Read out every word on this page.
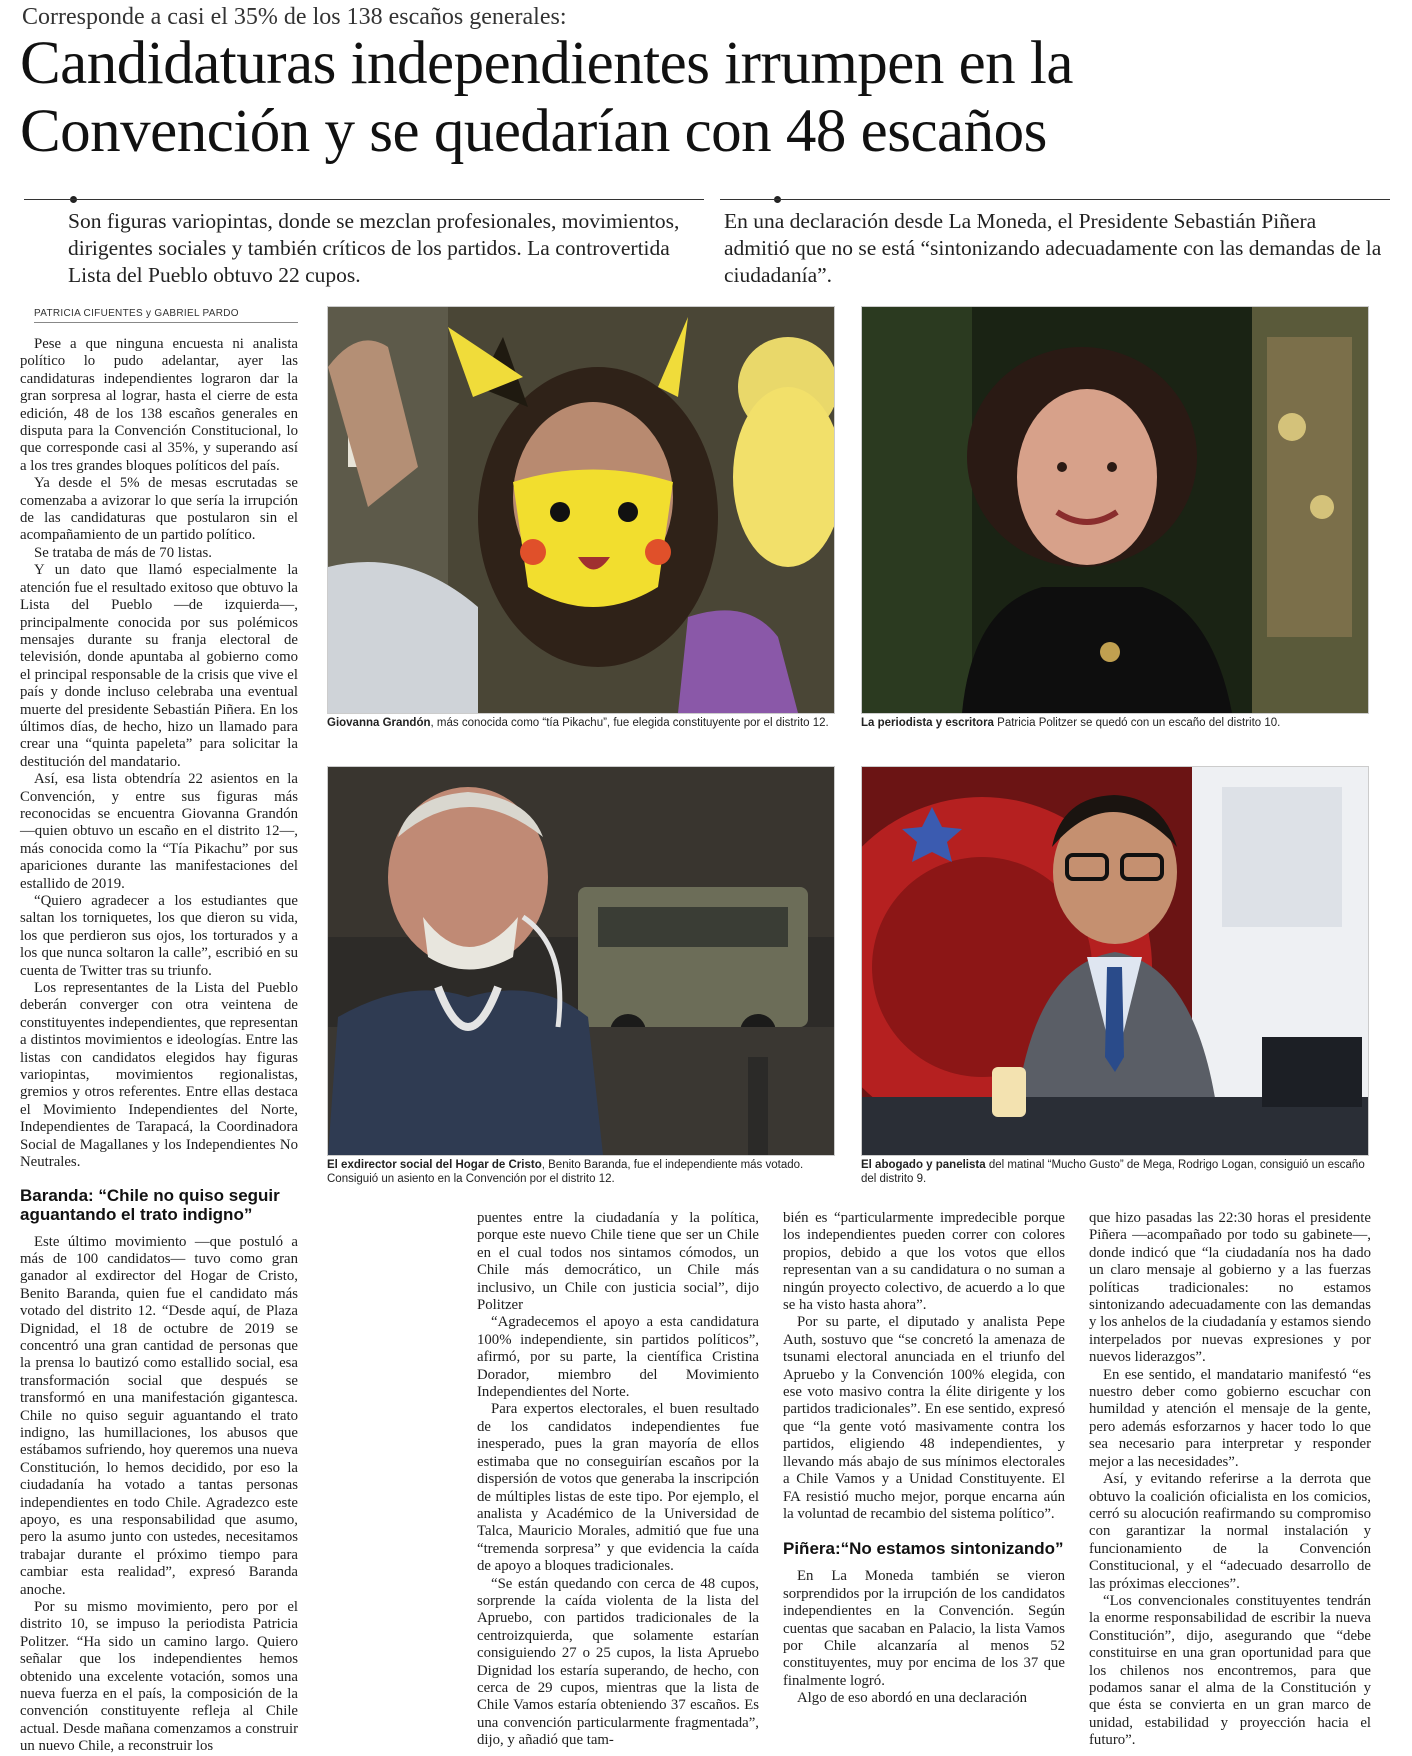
Corresponde a casi el 35% de los 138 escaños generales:
Candidaturas independientes irrumpen en la
Convención y se quedarían con 48 escaños
Son figuras variopintas, donde se mezclan profesionales, movimientos, dirigentes sociales y también críticos de los partidos. La controvertida Lista del Pueblo obtuvo 22 cupos.
En una declaración desde La Moneda, el Presidente Sebastián Piñera admitió que no se está “sintonizando adecuadamente con las demandas de la ciudadanía”.
PATRICIA CIFUENTES y GABRIEL PARDO

Pese a que ninguna encuesta ni analista político lo pudo adelantar, ayer las candidaturas independientes lograron dar la gran sorpresa al lograr, hasta el cierre de esta edición, 48 de los 138 escaños generales en disputa para la Convención Constitucional, lo que corresponde casi al 35%, y superando así a los tres grandes bloques políticos del país.

Ya desde el 5% de mesas escrutadas se comenzaba a avizorar lo que sería la irrupción de las candidaturas que postularon sin el acompañamiento de un partido político.

Se trataba de más de 70 listas.

Y un dato que llamó especialmente la atención fue el resultado exitoso que obtuvo la Lista del Pueblo —de izquierda—, principalmente conocida por sus polémicos mensajes durante su franja electoral de televisión, donde apuntaba al gobierno como el principal responsable de la crisis que vive el país y donde incluso celebraba una eventual muerte del presidente Sebastián Piñera. En los últimos días, de hecho, hizo un llamado para crear una “quinta papeleta” para solicitar la destitución del mandatario.

Así, esa lista obtendría 22 asientos en la Convención, y entre sus figuras más reconocidas se encuentra Giovanna Grandón —quien obtuvo un escaño en el distrito 12—, más conocida como la “Tía Pikachu” por sus apariciones durante las manifestaciones del estallido de 2019.

“Quiero agradecer a los estudiantes que saltan los torniquetes, los que dieron su vida, los que perdieron sus ojos, los torturados y a los que nunca soltaron la calle”, escribió en su cuenta de Twitter tras su triunfo.

Los representantes de la Lista del Pueblo deberán converger con otra veintena de constituyentes independientes, que representan a distintos movimientos e ideologías. Entre las listas con candidatos elegidos hay figuras variopintas, movimientos regionalistas, gremios y otros referentes. Entre ellas destaca el Movimiento Independientes del Norte, Independientes de Tarapacá, la Coordinadora Social de Magallanes y los Independientes No Neutrales.

Baranda: “Chile no quiso seguir aguantando el trato indigno”

Este último movimiento —que postuló a más de 100 candidatos— tuvo como gran ganador al exdirector del Hogar de Cristo, Benito Baranda, quien fue el candidato más votado del distrito 12. “Desde aquí, de Plaza Dignidad, el 18 de octubre de 2019 se concentró una gran cantidad de personas que la prensa lo bautizó como estallido social, esa transformación social que después se transformó en una manifestación gigantesca. Chile no quiso seguir aguantando el trato indigno, las humillaciones, los abusos que estábamos sufriendo, hoy queremos una nueva Constitución, lo hemos decidido, por eso la ciudadanía ha votado a tantas personas independientes en todo Chile. Agradezco este apoyo, es una responsabilidad que asumo, pero la asumo junto con ustedes, necesitamos trabajar durante el próximo tiempo para cambiar esta realidad”, expresó Baranda anoche.

Por su mismo movimiento, pero por el distrito 10, se impuso la periodista Patricia Politzer. “Ha sido un camino largo. Quiero señalar que los independientes hemos obtenido una excelente votación, somos una nueva fuerza en el país, la composición de la convención constituyente refleja al Chile actual. Desde mañana comenzamos a construir un nuevo Chile, a reconstruir los

Giovanna Grandón, más conocida como “tía Pikachu”, fue elegida constituyente por el distrito 12.	La periodista y escritora Patricia Politzer se quedó con un escaño del distrito 10.
El exdirector social del Hogar de Cristo, Benito Baranda, fue el independiente más votado. Consiguió un asiento en la Convención por el distrito 12.
El abogado y panelista del matinal “Mucho Gusto” de Mega, Rodrigo Logan, consiguió un escaño del distrito 9.

puentes entre la ciudadanía y la política, porque este nuevo Chile tiene que ser un Chile en el cual todos nos sintamos cómodos, un Chile más democrático, un Chile más inclusivo, un Chile con justicia social”, dijo Politzer

“Agradecemos el apoyo a esta candidatura 100% independiente, sin partidos políticos”, afirmó, por su parte, la científica Cristina Dorador, miembro del Movimiento Independientes del Norte.

Para expertos electorales, el buen resultado de los candidatos independientes fue inesperado, pues la gran mayoría de ellos estimaba que no conseguirían escaños por la dispersión de votos que generaba la inscripción de múltiples listas de este tipo. Por ejemplo, el analista y Académico de la Universidad de Talca, Mauricio Morales, admitió que fue una “tremenda sorpresa” y que evidencia la caída de apoyo a bloques tradicionales.

“Se están quedando con cerca de 48 cupos, sorprende la caída violenta de la lista del Apruebo, con partidos tradicionales de la centroizquierda, que solamente estarían consiguiendo 27 o 25 cupos, la lista Apruebo Dignidad los estaría superando, de hecho, con cerca de 29 cupos, mientras que la lista de Chile Vamos estaría obteniendo 37 escaños. Es una convención particularmente fragmentada”, dijo, y añadió que tam-

bién es “particularmente impredecible porque los independientes pueden correr con colores propios, debido a que los votos que ellos representan van a su candidatura o no suman a ningún proyecto colectivo, de acuerdo a lo que se ha visto hasta ahora”.

Por su parte, el diputado y analista Pepe Auth, sostuvo que “se concretó la amenaza de tsunami electoral anunciada en el triunfo del Apruebo y la Convención 100% elegida, con ese voto masivo contra la élite dirigente y los partidos tradicionales”. En ese sentido, expresó que “la gente votó masivamente contra los partidos, eligiendo 48 independientes, y llevando más abajo de sus mínimos electorales a Chile Vamos y a Unidad Constituyente. El FA resistió mucho mejor, porque encarna aún la voluntad de recambio del sistema político”.

Piñera:“No estamos sintonizando”

En La Moneda también se vieron sorprendidos por la irrupción de los candidatos independientes en la Convención. Según cuentas que sacaban en Palacio, la lista Vamos por Chile alcanzaría al menos 52 constituyentes, muy por encima de los 37 que finalmente logró.

Algo de eso abordó en una declaración

que hizo pasadas las 22:30 horas el presidente Piñera —acompañado por todo su gabinete—, donde indicó que “la ciudadanía nos ha dado un claro mensaje al gobierno y a las fuerzas políticas tradicionales: no estamos sintonizando adecuadamente con las demandas y los anhelos de la ciudadanía y estamos siendo interpelados por nuevas expresiones y por nuevos liderazgos”.

En ese sentido, el mandatario manifestó “es nuestro deber como gobierno escuchar con humildad y atención el mensaje de la gente, pero además esforzarnos y hacer todo lo que sea necesario para interpretar y responder mejor a las necesidades”.

Así, y evitando referirse a la derrota que obtuvo la coalición oficialista en los comicios, cerró su alocución reafirmando su compromiso con garantizar la normal instalación y funcionamiento de la Convención Constitucional, y el “adecuado desarrollo de las próximas elecciones”.

“Los convencionales constituyentes tendrán la enorme responsabilidad de escribir la nueva Constitución”, dijo, asegurando que “debe constituirse en una gran oportunidad para que los chilenos nos encontremos, para que podamos sanar el alma de la Constitución y que ésta se convierta en un gran marco de unidad, estabilidad y proyección hacia el futuro”.
